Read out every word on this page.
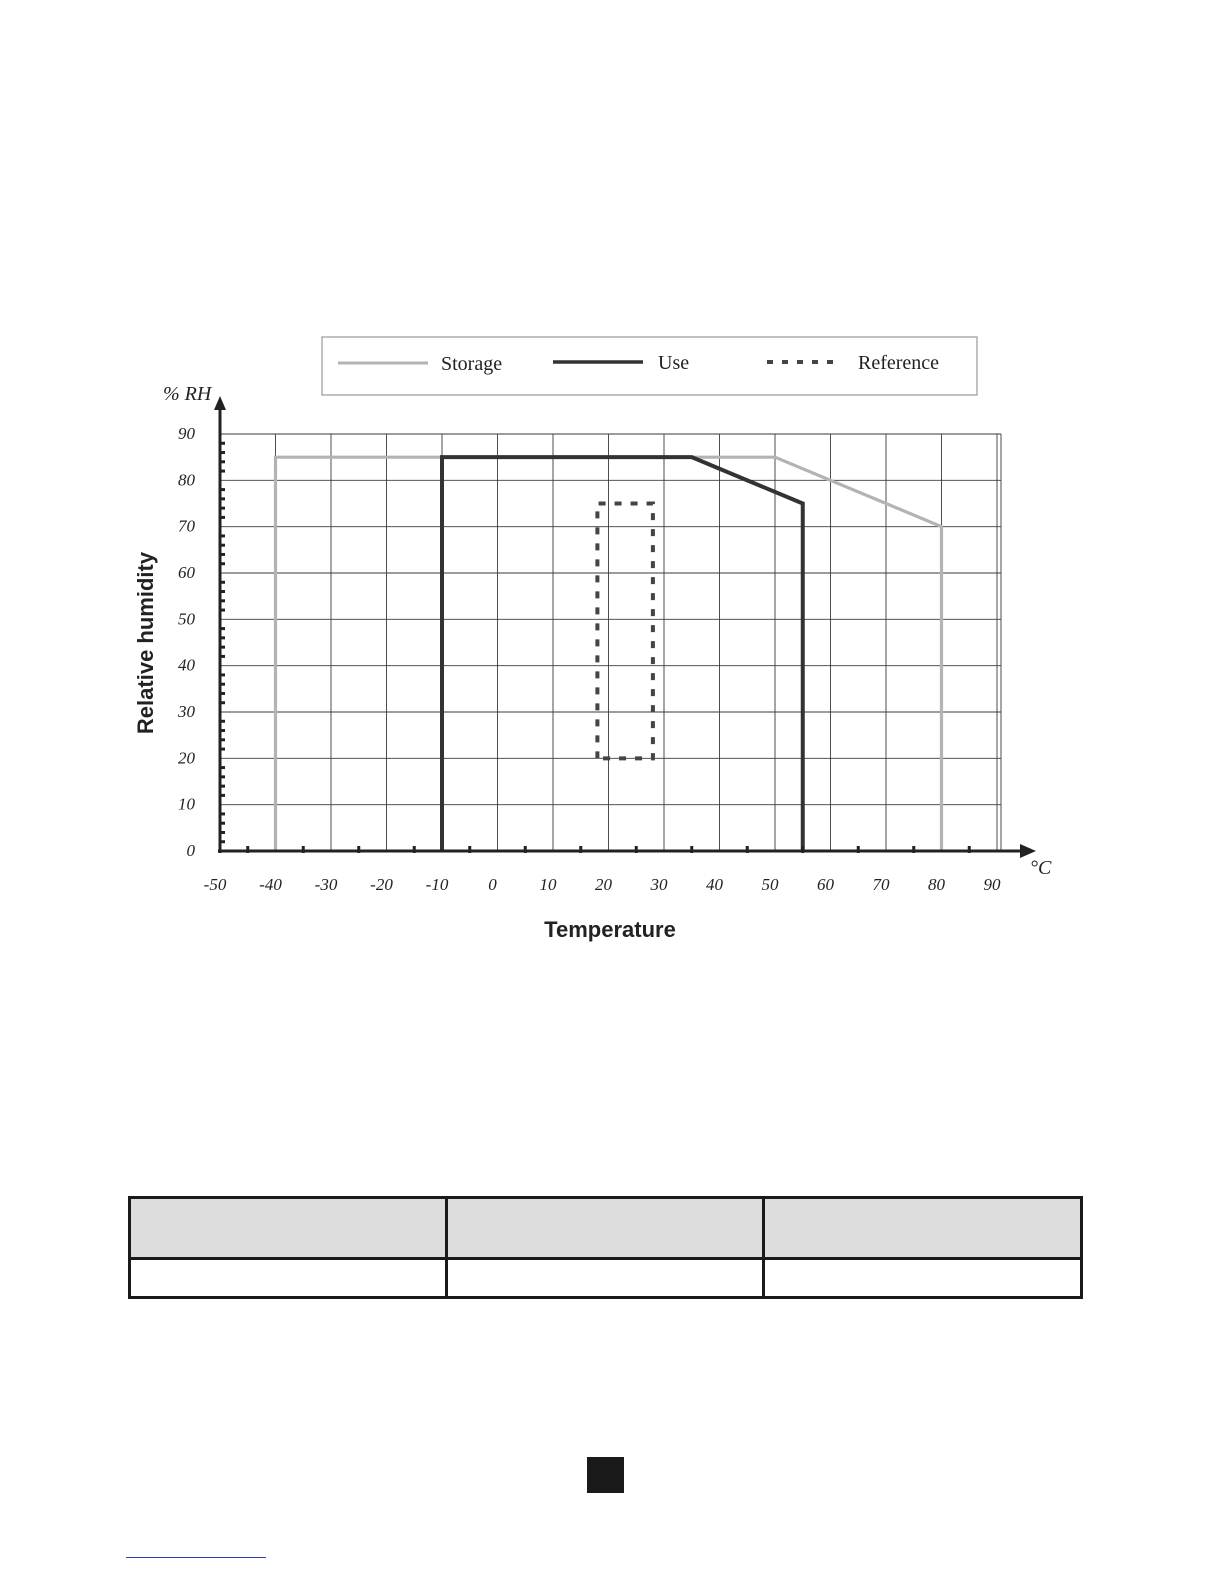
Storage	Use	Reference
-50 -40 -30 -20 -10 0	10 20 30 40 50 60 70 80 90
0
10
20
30
40
50
60
70
80
90
% RH
°C
Temperature
Relative humidity
